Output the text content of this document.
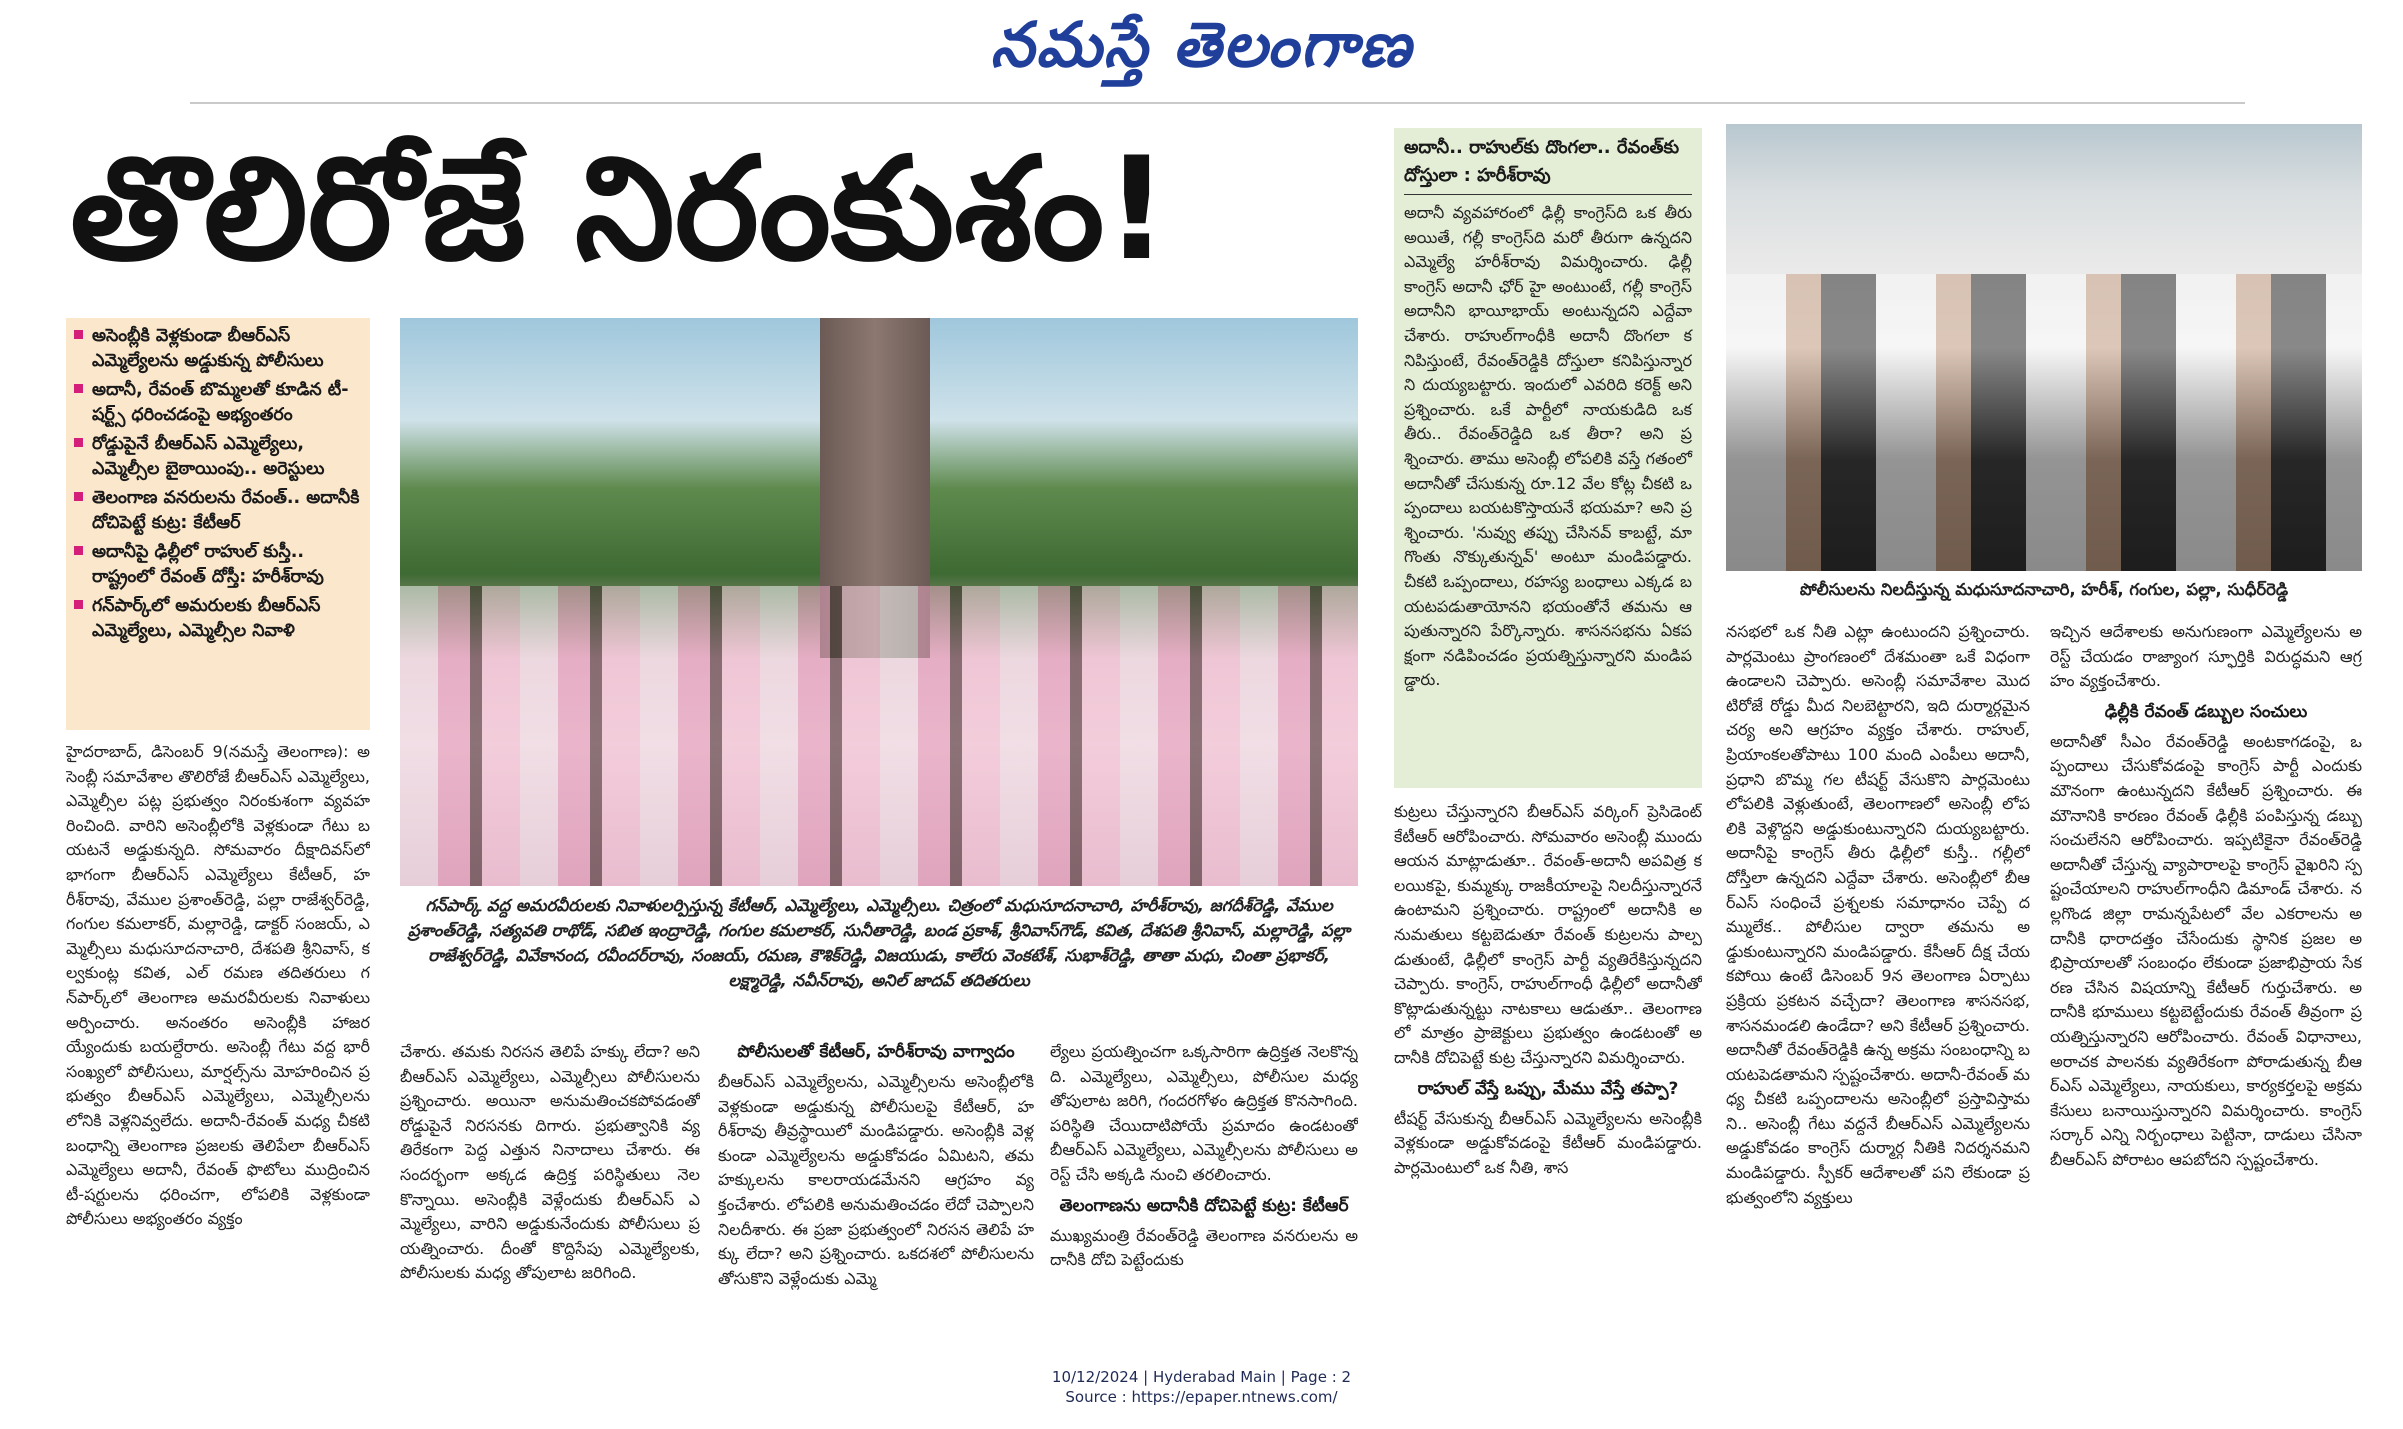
నమస్తే తెలంగాణ
తొలిరోజే నిరంకుశం!
అసెంబ్లీకి వెళ్లకుండా బీఆర్‌ఎస్ ఎమ్మెల్యేలను అడ్డుకున్న పోలీసులు
అదానీ, రేవంత్ బొమ్మలతో కూడిన టీ-షర్ట్స్ ధరించడంపై అభ్యంతరం
రోడ్డుపైనే బీఆర్‌ఎస్ ఎమ్మెల్యేలు, ఎమ్మెల్సీల బైఠాయింపు.. అరెస్టులు
తెలంగాణ వనరులను రేవంత్.. అదానీకి దోచిపెట్టే కుట్ర: కేటీఆర్
అదానీపై ఢిల్లీలో రాహుల్ కుస్తీ.. రాష్ట్రంలో రేవంత్ దోస్తీ: హరీశ్‌రావు
గన్‌పార్క్‌లో అమరులకు బీఆర్‌ఎస్ ఎమ్మెల్యేలు, ఎమ్మెల్సీల నివాళి
గన్‌పార్క్ వద్ద అమరవీరులకు నివాళులర్పిస్తున్న కేటీఆర్, ఎమ్మెల్యేలు, ఎమ్మెల్సీలు. చిత్రంలో మధుసూదనాచారి, హరీశ్‌రావు, జగదీశ్‌రెడ్డి, వేముల ప్రశాంత్‌రెడ్డి, సత్యవతి రాథోడ్, సబిత ఇంద్రారెడ్డి, గంగుల కమలాకర్, సునీతారెడ్డి, బండ ప్రకాశ్, శ్రీనివాస్‌గౌడ్, కవిత, దేశపతి శ్రీనివాస్, మల్లారెడ్డి, పల్లా రాజేశ్వర్‌రెడ్డి, వివేకానంద, రవీందర్‌రావు, సంజయ్, రమణ, కౌశిక్‌రెడ్డి, విజయుడు, కాలేరు వెంకటేశ్, సుభాశ్‌రెడ్డి, తాతా మధు, చింతా ప్రభాకర్, లక్ష్మారెడ్డి, నవీన్‌రావు, అనిల్ జాదవ్ తదితరులు
అదానీ.. రాహుల్‌కు దొంగలా.. రేవంత్‌కు దోస్తులా : హరీశ్‌రావు
అదానీ వ్యవహారంలో ఢిల్లీ కాంగ్రెస్‌ది ఒక తీరు అయితే, గల్లీ కాంగ్రెస్‌ది మరో తీరుగా ఉన్నదని ఎమ్మెల్యే హరీశ్‌రావు విమర్శించారు. ఢిల్లీ కాంగ్రెస్ అదానీ ఛోర్ హై అంటుంటే, గల్లీ కాంగ్రెస్ అదానీని భాయీభాయ్ అంటున్నదని ఎద్దేవా చేశారు. రాహుల్‌గాంధీకి అదానీ దొంగలా కనిపిస్తుంటే, రేవంత్‌రెడ్డికి దోస్తులా కనిపిస్తున్నారని దుయ్యబట్టారు. ఇందులో ఎవరిది కరెక్ట్ అని ప్రశ్నించారు. ఒకే పార్టీలో నాయకుడిది ఒక తీరు.. రేవంత్‌రెడ్డిది ఒక తీరా? అని ప్రశ్నించారు. తాము అసెంబ్లీ లోపలికి వస్తే గతంలో అదానీతో చేసుకున్న రూ.12 వేల కోట్ల చీకటి ఒప్పందాలు బయటకొస్తాయనే భయమా? అని ప్రశ్నించారు. 'నువ్వు తప్పు చేసినవ్ కాబట్టే, మా గొంతు నొక్కుతున్నవ్' అంటూ మండిపడ్డారు. చీకటి ఒప్పందాలు, రహస్య బంధాలు ఎక్కడ బయటపడుతాయోనని భయంతోనే తమను ఆపుతున్నారని పేర్కొన్నారు. శాసనసభను ఏకపక్షంగా నడిపించడం ప్రయత్నిస్తున్నారని మండిపడ్డారు.
పోలీసులను నిలదీస్తున్న మధుసూదనాచారి, హరీశ్, గంగుల, పల్లా, సుధీర్‌రెడ్డి
హైదరాబాద్, డిసెంబర్ 9(నమస్తే తెలంగాణ): అసెంబ్లీ సమావేశాల తొలిరోజే బీఆర్‌ఎస్ ఎమ్మెల్యేలు, ఎమ్మెల్సీల పట్ల ప్రభుత్వం నిరంకుశంగా వ్యవహరించింది. వారిని అసెంబ్లీలోకి వెళ్లకుండా గేటు బయటనే అడ్డుకున్నది. సోమవారం దీక్షాదివస్‌లో భాగంగా బీఆర్‌ఎస్ ఎమ్మెల్యేలు కేటీఆర్, హరీశ్‌రావు, వేముల ప్రశాంత్‌రెడ్డి, పల్లా రాజేశ్వర్‌రెడ్డి, గంగుల కమలాకర్, మల్లారెడ్డి, డాక్టర్ సంజయ్, ఎమ్మెల్సీలు మధుసూదనాచారి, దేశపతి శ్రీనివాస్, కల్వకుంట్ల కవిత, ఎల్ రమణ తదితరులు గన్‌పార్క్‌లో తెలంగాణ అమరవీరులకు నివాళులు అర్పించారు. అనంతరం అసెంబ్లీకి హాజరయ్యేందుకు బయల్దేరారు. అసెంబ్లీ గేటు వద్ద భారీ సంఖ్యలో పోలీసులు, మార్షల్స్‌ను మోహరించిన ప్రభుత్వం బీఆర్‌ఎస్ ఎమ్మెల్యేలు, ఎమ్మెల్సీలను లోనికి వెళ్లనివ్వలేదు. అదానీ-రేవంత్ మధ్య చీకటి బంధాన్ని తెలంగాణ ప్రజలకు తెలిపేలా బీఆర్‌ఎస్ ఎమ్మెల్యేలు అదానీ, రేవంత్ ఫొటోలు ముద్రించిన టీ-షర్టులను ధరించగా, లోపలికి వెళ్లకుండా పోలీసులు అభ్యంతరం వ్యక్తం
చేశారు. తమకు నిరసన తెలిపే హక్కు లేదా? అని బీఆర్‌ఎస్ ఎమ్మెల్యేలు, ఎమ్మెల్సీలు పోలీసులను ప్రశ్నించారు. అయినా అనుమతించకపోవడంతో రోడ్డుపైనే నిరసనకు దిగారు. ప్రభుత్వానికి వ్యతిరేకంగా పెద్ద ఎత్తున నినాదాలు చేశారు. ఈ సందర్భంగా అక్కడ ఉద్రిక్త పరిస్థితులు నెలకొన్నాయి. అసెంబ్లీకి వెళ్లేందుకు బీఆర్‌ఎస్ ఎమ్మెల్యేలు, వారిని అడ్డుకునేందుకు పోలీసులు ప్రయత్నించారు. దీంతో కొద్దిసేపు ఎమ్మెల్యేలకు, పోలీసులకు మధ్య తోపులాట జరిగింది.
పోలీసులతో కేటీఆర్, హరీశ్‌రావు వాగ్వాదం
బీఆర్‌ఎస్ ఎమ్మెల్యేలను, ఎమ్మెల్సీలను అసెంబ్లీలోకి వెళ్లకుండా అడ్డుకున్న పోలీసులపై కేటీఆర్, హరీశ్‌రావు తీవ్రస్థాయిలో మండిపడ్డారు. అసెంబ్లీకి వెళ్లకుండా ఎమ్మెల్యేలను అడ్డుకోవడం ఏమిటని, తమ హక్కులను కాలరాయడమేనని ఆగ్రహం వ్యక్తంచేశారు. లోపలికి అనుమతించడం లేదో చెప్పాలని నిలదీశారు. ఈ ప్రజా ప్రభుత్వంలో నిరసన తెలిపే హక్కు లేదా? అని ప్రశ్నించారు. ఒకదశలో పోలీసులను తోసుకొని వెళ్లేందుకు ఎమ్మె
ల్యేలు ప్రయత్నించగా ఒక్కసారిగా ఉద్రిక్తత నెలకొన్నది. ఎమ్మెల్యేలు, ఎమ్మెల్సీలు, పోలీసుల మధ్య తోపులాట జరిగి, గందరగోళం ఉద్రిక్తత కొనసాగింది. పరిస్థితి చేయిదాటిపోయే ప్రమాదం ఉండటంతో బీఆర్‌ఎస్ ఎమ్మెల్యేలు, ఎమ్మెల్సీలను పోలీసులు అరెస్ట్ చేసి అక్కడి నుంచి తరలించారు.
తెలంగాణను అదానీకి దోచిపెట్టే కుట్ర: కేటీఆర్
ముఖ్యమంత్రి రేవంత్‌రెడ్డి తెలంగాణ వనరులను అదానీకి దోచి పెట్టేందుకు
కుట్రలు చేస్తున్నారని బీఆర్‌ఎస్ వర్కింగ్ ప్రెసిడెంట్ కేటీఆర్ ఆరోపించారు. సోమవారం అసెంబ్లీ ముందు ఆయన మాట్లాడుతూ.. రేవంత్-అదానీ అపవిత్ర కలయికపై, కుమ్మక్కు రాజకీయాలపై నిలదీస్తున్నారనే ఉంటామని ప్రశ్నించారు. రాష్ట్రంలో అదానీకి అనుమతులు కట్టబెడుతూ రేవంత్ కుట్రలను పాల్పడుతుంటే, ఢిల్లీలో కాంగ్రెస్ పార్టీ వ్యతిరేకిస్తున్నదని చెప్పారు. కాంగ్రెస్, రాహుల్‌గాంధీ ఢిల్లీలో అదానీతో కొట్లాడుతున్నట్టు నాటకాలు ఆడుతూ.. తెలంగాణలో మాత్రం ప్రాజెక్టులు ప్రభుత్వం ఉండటంతో అదానీకి దోచిపెట్టే కుట్ర చేస్తున్నారని విమర్శించారు.
రాహుల్ వేస్తే ఒప్పు, మేము వేస్తే తప్పా?
టీషర్ట్ వేసుకున్న బీఆర్‌ఎస్ ఎమ్మెల్యేలను అసెంబ్లీకి వెళ్లకుండా అడ్డుకోవడంపై కేటీఆర్ మండిపడ్డారు. పార్లమెంటులో ఒక నీతి, శాస
నసభలో ఒక నీతి ఎట్లా ఉంటుందని ప్రశ్నించారు. పార్లమెంటు ప్రాంగణంలో దేశమంతా ఒకే విధంగా ఉండాలని చెప్పారు. అసెంబ్లీ సమావేశాల మొదటిరోజే రోడ్డు మీద నిలబెట్టారని, ఇది దుర్మార్గమైన చర్య అని ఆగ్రహం వ్యక్తం చేశారు. రాహుల్, ప్రియాంకలతోపాటు 100 మంది ఎంపీలు అదానీ, ప్రధాని బొమ్మ గల టీషర్ట్ వేసుకొని పార్లమెంటు లోపలికి వెళ్లుతుంటే, తెలంగాణలో అసెంబ్లీ లోపలికి వెళ్లొద్దని అడ్డుకుంటున్నారని దుయ్యబట్టారు. అదానీపై కాంగ్రెస్ తీరు ఢిల్లీలో కుస్తీ.. గల్లీలో దోస్తీలా ఉన్నదని ఎద్దేవా చేశారు. అసెంబ్లీలో బీఆర్‌ఎస్ సంధించే ప్రశ్నలకు సమాధానం చెప్పే దమ్ములేక.. పోలీసుల ద్వారా తమను అడ్డుకుంటున్నారని మండిపడ్డారు. కేసీఆర్ దీక్ష చేయకపోయి ఉంటే డిసెంబర్ 9న తెలంగాణ ఏర్పాటు ప్రక్రియ ప్రకటన వచ్చేదా? తెలంగాణ శాసనసభ, శాసనమండలి ఉండేదా? అని కేటీఆర్ ప్రశ్నించారు. అదానీతో రేవంత్‌రెడ్డికి ఉన్న అక్రమ సంబంధాన్ని బయటపెడతామని స్పష్టంచేశారు. అదానీ-రేవంత్ మధ్య చీకటి ఒప్పందాలను అసెంబ్లీలో ప్రస్తావిస్తామని.. అసెంబ్లీ గేటు వద్దనే బీఆర్‌ఎస్ ఎమ్మెల్యేలను అడ్డుకోవడం కాంగ్రెస్ దుర్మార్గ నీతికి నిదర్శనమని మండిపడ్డారు. స్పీకర్ ఆదేశాలతో పని లేకుండా ప్రభుత్వంలోని వ్యక్తులు
ఇచ్చిన ఆదేశాలకు అనుగుణంగా ఎమ్మెల్యేలను అరెస్ట్ చేయడం రాజ్యాంగ స్ఫూర్తికి విరుద్ధమని ఆగ్రహం వ్యక్తంచేశారు.
ఢిల్లీకి రేవంత్ డబ్బుల సంచులు
అదానీతో సీఎం రేవంత్‌రెడ్డి అంటకాగడంపై, ఒప్పందాలు చేసుకోవడంపై కాంగ్రెస్ పార్టీ ఎందుకు మౌనంగా ఉంటున్నదని కేటీఆర్ ప్రశ్నించారు. ఈ మౌనానికి కారణం రేవంత్ ఢిల్లీకి పంపిస్తున్న డబ్బు సంచులేనని ఆరోపించారు. ఇప్పటికైనా రేవంత్‌రెడ్డి అదానీతో చేస్తున్న వ్యాపారాలపై కాంగ్రెస్ వైఖరిని స్పష్టంచేయాలని రాహుల్‌గాంధీని డిమాండ్ చేశారు. నల్లగొండ జిల్లా రామన్నపేటలో వేల ఎకరాలను అదానీకి ధారాదత్తం చేసేందుకు స్థానిక ప్రజల అభిప్రాయాలతో సంబంధం లేకుండా ప్రజాభిప్రాయ సేకరణ చేసిన విషయాన్ని కేటీఆర్ గుర్తుచేశారు. అదానీకి భూములు కట్టబెట్టేందుకు రేవంత్ తీవ్రంగా ప్రయత్నిస్తున్నారని ఆరోపించారు. రేవంత్ విధానాలు, అరాచక పాలనకు వ్యతిరేకంగా పోరాడుతున్న బీఆర్‌ఎస్ ఎమ్మెల్యేలు, నాయకులు, కార్యకర్తలపై అక్రమ కేసులు బనాయిస్తున్నారని విమర్శించారు. కాంగ్రెస్ సర్కార్ ఎన్ని నిర్బంధాలు పెట్టినా, దాడులు చేసినా బీఆర్‌ఎస్ పోరాటం ఆపబోదని స్పష్టంచేశారు.
10/12/2024 | Hyderabad Main | Page : 2
Source : https://epaper.ntnews.com/
